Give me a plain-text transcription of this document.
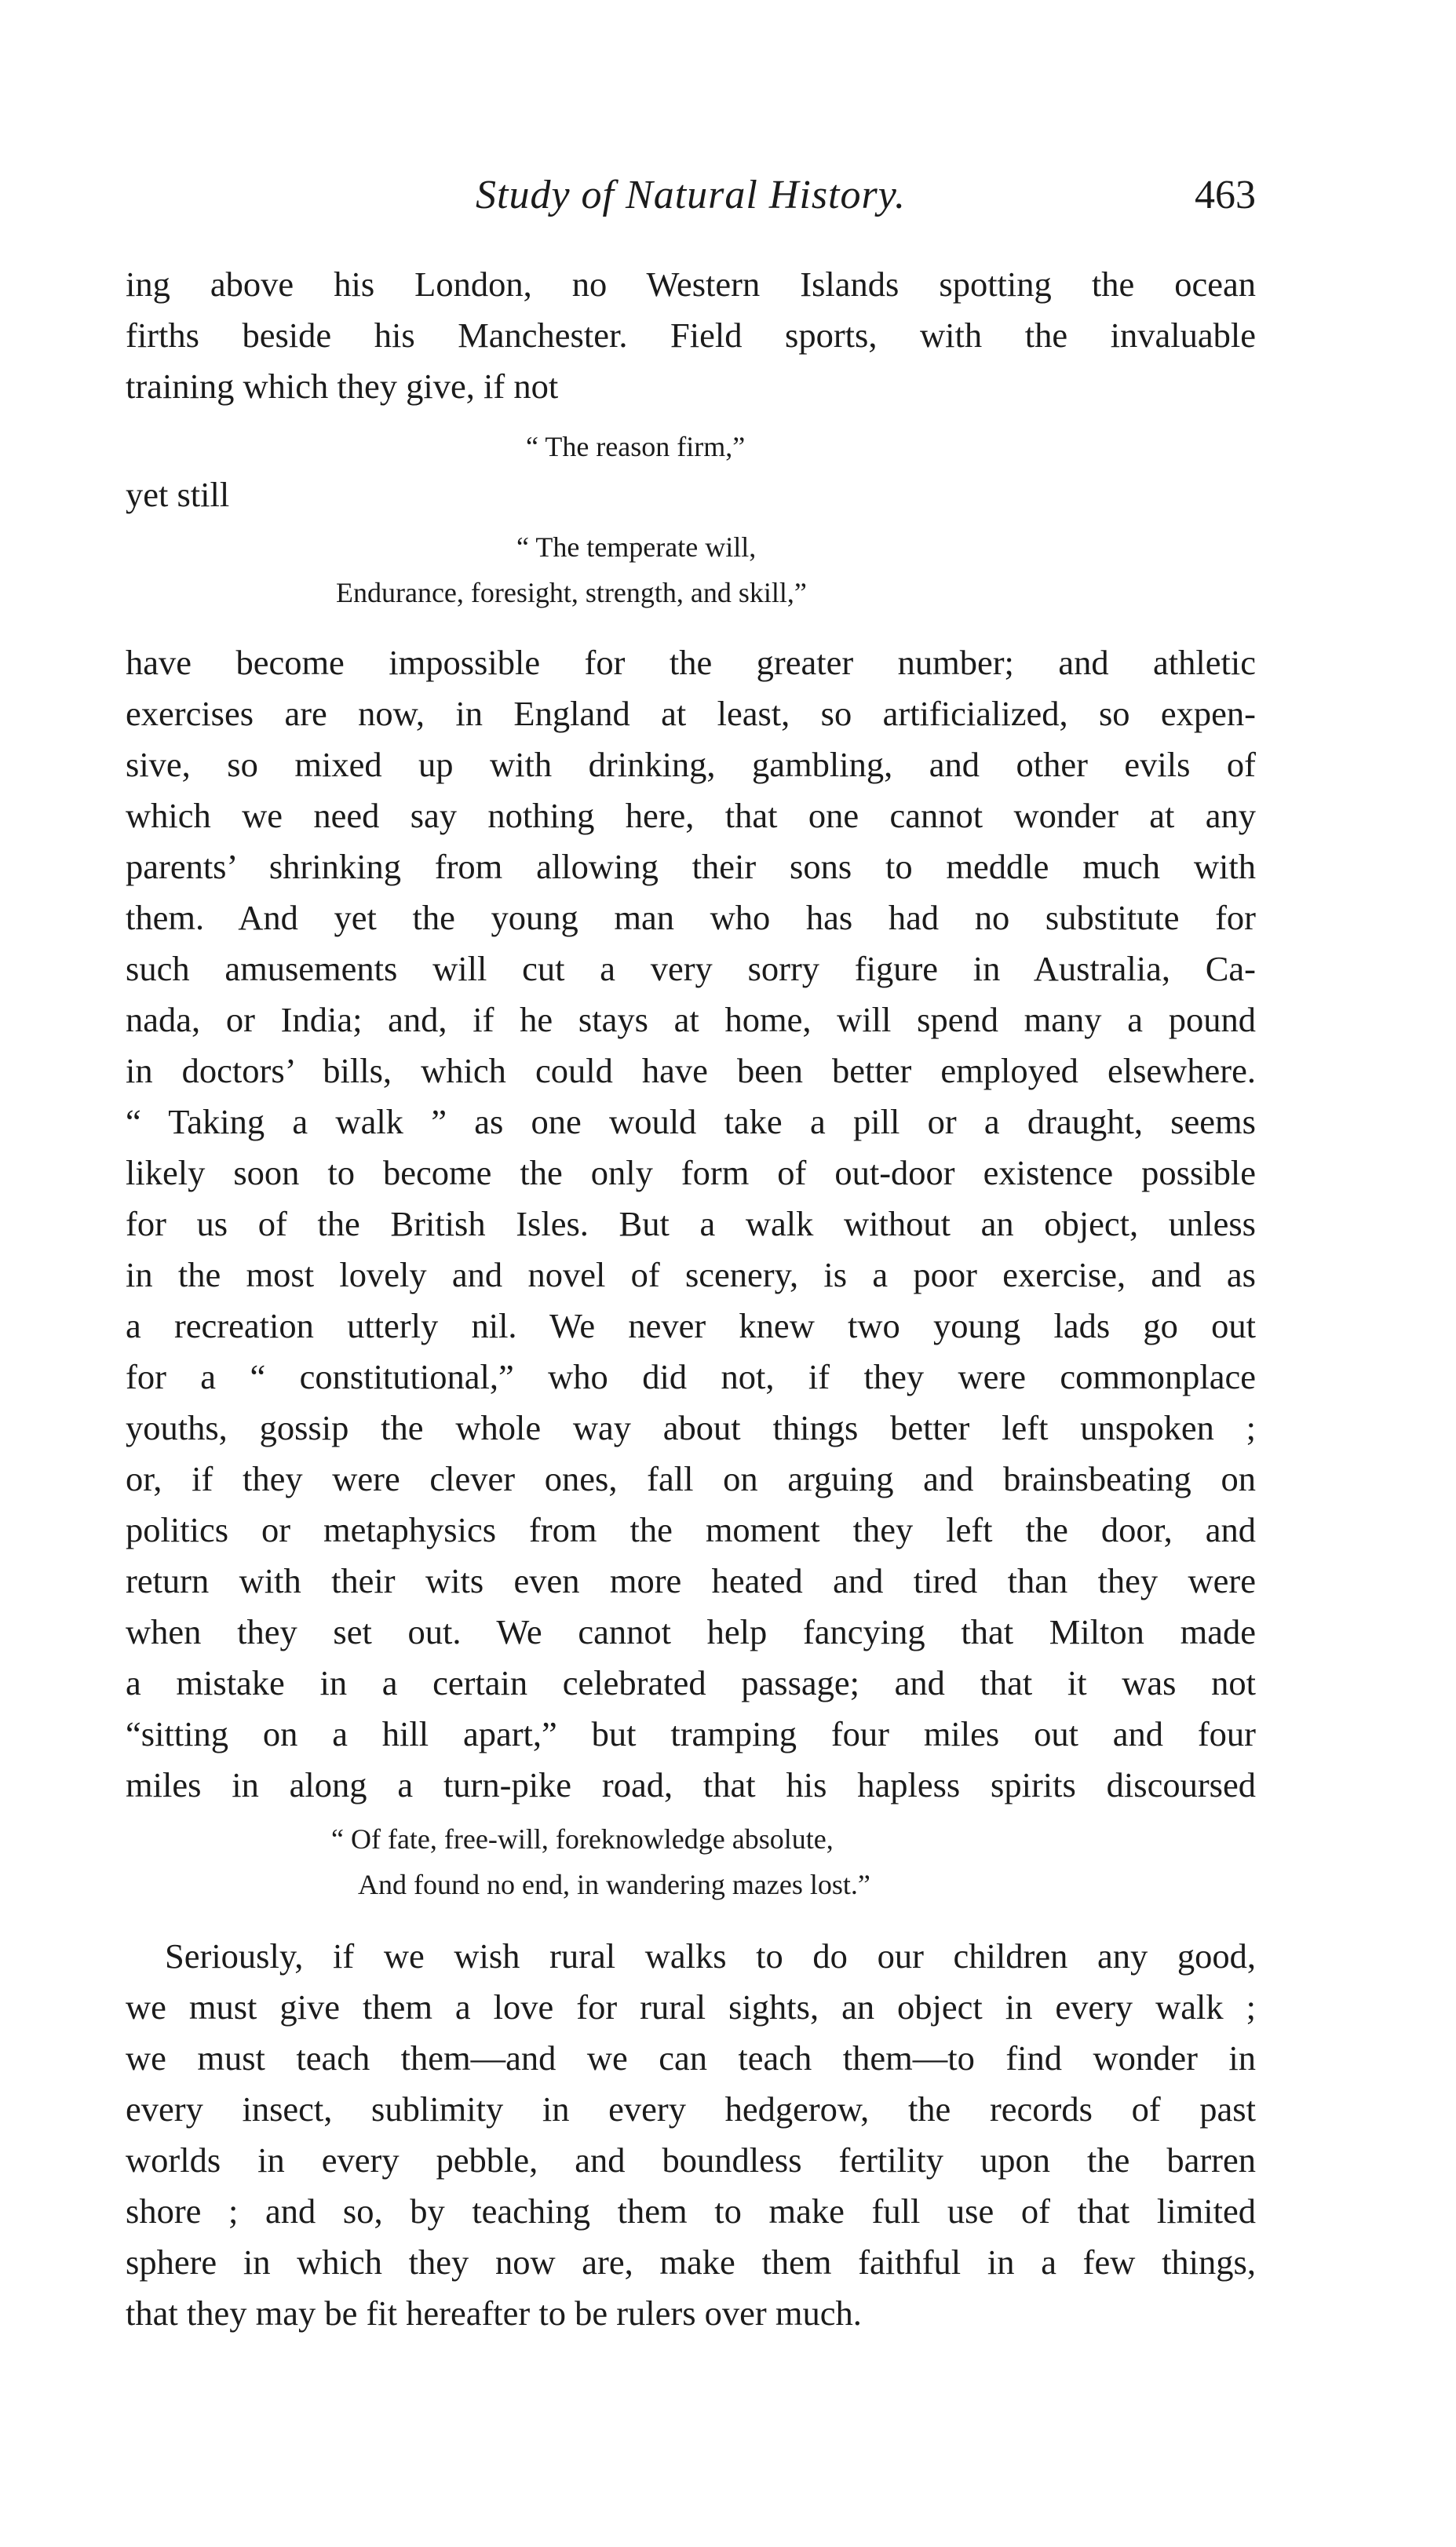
Study of Natural History.	463
ing above his London, no Western Islands spotting the ocean
firths beside his Manchester. Field sports, with the invaluable
training which they give, if not
“ The reason firm,”
yet still
“ The temperate will,
Endurance, foresight, strength, and skill,”
have become impossible for the greater number; and athletic
exercises are now, in England at least, so artificialized, so expen-
sive, so mixed up with drinking, gambling, and other evils of
which we need say nothing here, that one cannot wonder at any
parents’ shrinking from allowing their sons to meddle much with
them. And yet the young man who has had no substitute for
such amusements will cut a very sorry figure in Australia, Ca-
nada, or India; and, if he stays at home, will spend many a pound
in doctors’ bills, which could have been better employed elsewhere.
“ Taking a walk ” as one would take a pill or a draught, seems
likely soon to become the only form of out-door existence possible
for us of the British Isles. But a walk without an object, unless
in the most lovely and novel of scenery, is a poor exercise, and as
a recreation utterly nil. We never knew two young lads go out
for a “ constitutional,” who did not, if they were commonplace
youths, gossip the whole way about things better left unspoken ;
or, if they were clever ones, fall on arguing and brainsbeating on
politics or metaphysics from the moment they left the door, and
return with their wits even more heated and tired than they were
when they set out. We cannot help fancying that Milton made
a mistake in a certain celebrated passage; and that it was not
“sitting on a hill apart,” but tramping four miles out and four
miles in along a turn-pike road, that his hapless spirits discoursed
“ Of fate, free-will, foreknowledge absolute,
And found no end, in wandering mazes lost.”
Seriously, if we wish rural walks to do our children any good,
we must give them a love for rural sights, an object in every walk ;
we must teach them—and we can teach them—to find wonder in
every insect, sublimity in every hedgerow, the records of past
worlds in every pebble, and boundless fertility upon the barren
shore ; and so, by teaching them to make full use of that limited
sphere in which they now are, make them faithful in a few things,
that they may be fit hereafter to be rulers over much.
